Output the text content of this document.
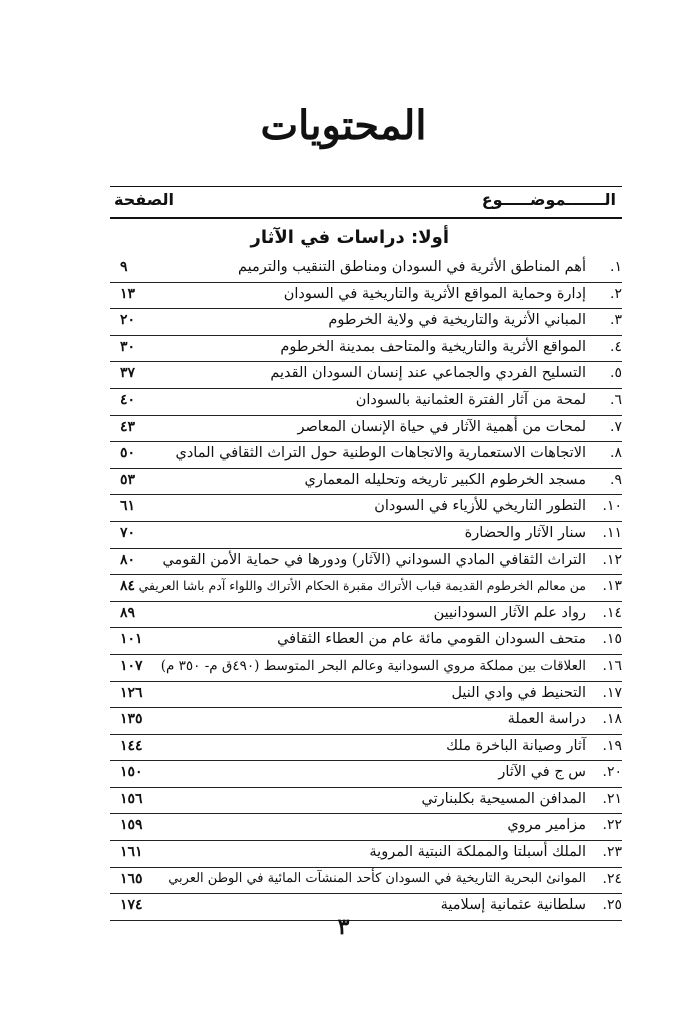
المحتويات
الـــــــموضـــــوع
الصفحة
أولا: دراسات في الآثار
١.
أهم المناطق الأثرية في السودان ومناطق التنقيب والترميم
٩
٢.
إدارة وحماية المواقع الأثرية والتاريخية في السودان
١٣
٣.
المباني الأثرية والتاريخية في ولاية الخرطوم
٢٠
٤.
المواقع الأثرية والتاريخية والمتاحف بمدينة الخرطوم
٣٠
٥.
التسليح الفردي والجماعي عند إنسان السودان القديم
٣٧
٦.
لمحة من آثار الفترة العثمانية بالسودان
٤٠
٧.
لمحات من أهمية الآثار في حياة الإنسان المعاصر
٤٣
٨.
الاتجاهات الاستعمارية والاتجاهات الوطنية حول التراث الثقافي المادي
٥٠
٩.
مسجد الخرطوم الكبير تاريخه وتحليله المعماري
٥٣
١٠.
التطور التاريخي للأزياء في السودان
٦١
١١.
سنار الآثار والحضارة
٧٠
١٢.
التراث الثقافي المادي السوداني (الآثار) ودورها في حماية الأمن القومي
٨٠
١٣.
من معالم الخرطوم القديمة قباب الأتراك مقبرة الحكام الأتراك واللواء آدم باشا العريفي
٨٤
١٤.
رواد علم الآثار السودانيين
٨٩
١٥.
متحف السودان القومي مائة عام من العطاء الثقافي
١٠١
١٦.
العلاقات بين مملكة مروي السودانية وعالم البحر المتوسط (٤٩٠ق م- ٣٥٠ م)
١٠٧
١٧.
التحنيط في وادي النيل
١٢٦
١٨.
دراسة العملة
١٣٥
١٩.
آثار وصيانة الباخرة ملك
١٤٤
٢٠.
س ج في الآثار
١٥٠
٢١.
المدافن المسيحية بكلبنارتي
١٥٦
٢٢.
مزامير مروي
١٥٩
٢٣.
الملك أسبلتا والمملكة النبتية المروية
١٦١
٢٤.
الموانئ البحرية التاريخية في السودان كأحد المنشآت المائية في الوطن العربي
١٦٥
٢٥.
سلطانية عثمانية إسلامية
١٧٤
٣
